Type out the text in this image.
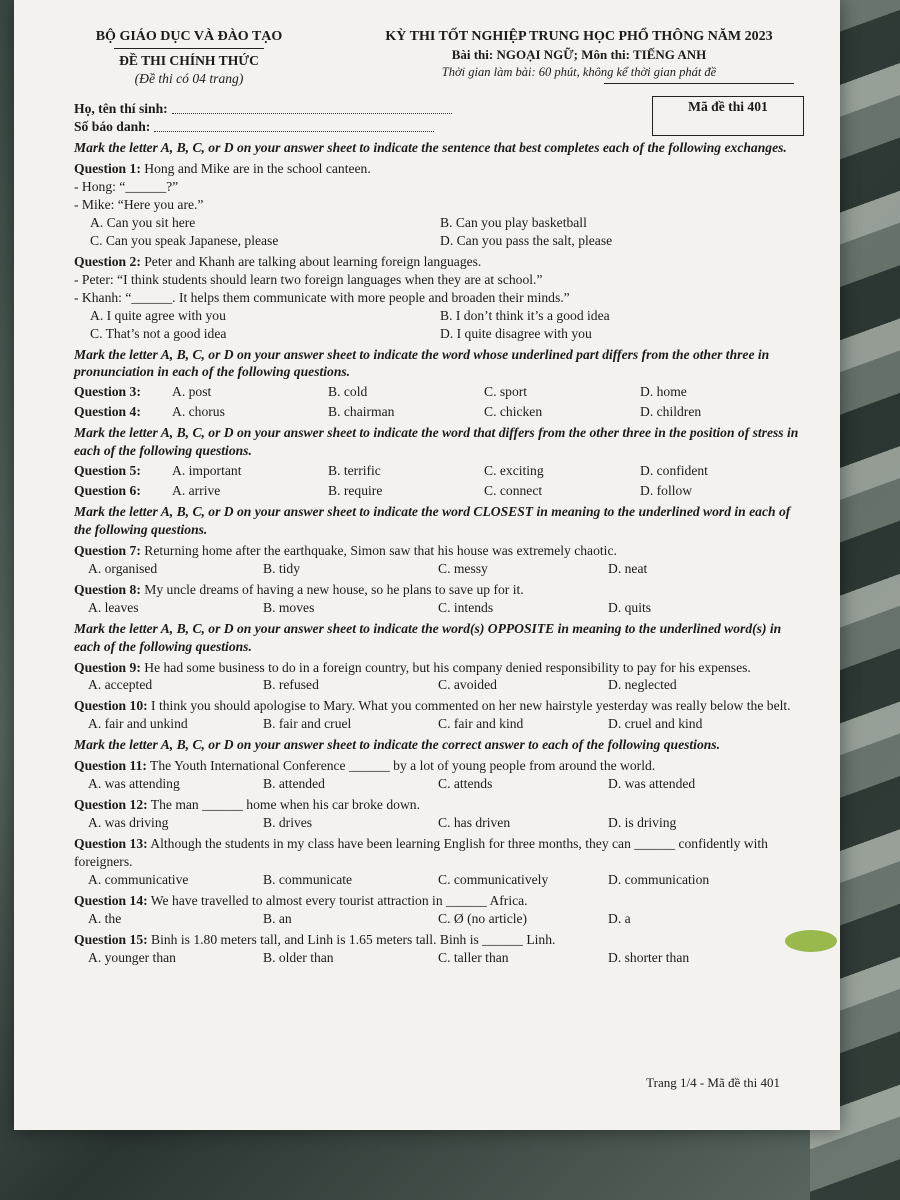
BỘ GIÁO DỤC VÀ ĐÀO TẠO
ĐỀ THI CHÍNH THỨC
(Đề thi có 04 trang)
KỲ THI TỐT NGHIỆP TRUNG HỌC PHỔ THÔNG NĂM 2023
Bài thi: NGOẠI NGỮ; Môn thi: TIẾNG ANH
Thời gian làm bài: 60 phút, không kể thời gian phát đề
Họ, tên thí sinh:
Số báo danh:
Mã đề thi 401
Mark the letter A, B, C, or D on your answer sheet to indicate the sentence that best completes each of the following exchanges.
Question 1: Hong and Mike are in the school canteen.
- Hong: “______?”
- Mike: “Here you are.”
A. Can you sit here	B. Can you play basketball
C. Can you speak Japanese, please	D. Can you pass the salt, please
Question 2: Peter and Khanh are talking about learning foreign languages.
- Peter: “I think students should learn two foreign languages when they are at school.”
- Khanh: “______. It helps them communicate with more people and broaden their minds.”
A. I quite agree with you	B. I don’t think it’s a good idea
C. That’s not a good idea	D. I quite disagree with you
Mark the letter A, B, C, or D on your answer sheet to indicate the word whose underlined part differs from the other three in pronunciation in each of the following questions.
Question 3:	A. post	B. cold	C. sport	D. home
Question 4:	A. chorus	B. chairman	C. chicken	D. children
Mark the letter A, B, C, or D on your answer sheet to indicate the word that differs from the other three in the position of stress in each of the following questions.
Question 5:	A. important	B. terrific	C. exciting	D. confident
Question 6:	A. arrive	B. require	C. connect	D. follow
Mark the letter A, B, C, or D on your answer sheet to indicate the word CLOSEST in meaning to the underlined word in each of the following questions.
Question 7: Returning home after the earthquake, Simon saw that his house was extremely chaotic.
A. organised	B. tidy	C. messy	D. neat
Question 8: My uncle dreams of having a new house, so he plans to save up for it.
A. leaves	B. moves	C. intends	D. quits
Mark the letter A, B, C, or D on your answer sheet to indicate the word(s) OPPOSITE in meaning to the underlined word(s) in each of the following questions.
Question 9: He had some business to do in a foreign country, but his company denied responsibility to pay for his expenses.
A. accepted	B. refused	C. avoided	D. neglected
Question 10: I think you should apologise to Mary. What you commented on her new hairstyle yesterday was really below the belt.
A. fair and unkind	B. fair and cruel	C. fair and kind	D. cruel and kind
Mark the letter A, B, C, or D on your answer sheet to indicate the correct answer to each of the following questions.
Question 11: The Youth International Conference ______ by a lot of young people from around the world.
A. was attending	B. attended	C. attends	D. was attended
Question 12: The man ______ home when his car broke down.
A. was driving	B. drives	C. has driven	D. is driving
Question 13: Although the students in my class have been learning English for three months, they can ______ confidently with foreigners.
A. communicative	B. communicate	C. communicatively	D. communication
Question 14: We have travelled to almost every tourist attraction in ______ Africa.
A. the	B. an	C. Ø (no article)	D. a
Question 15: Binh is 1.80 meters tall, and Linh is 1.65 meters tall. Binh is ______ Linh.
A. younger than	B. older than	C. taller than	D. shorter than
Trang 1/4 - Mã đề thi 401
